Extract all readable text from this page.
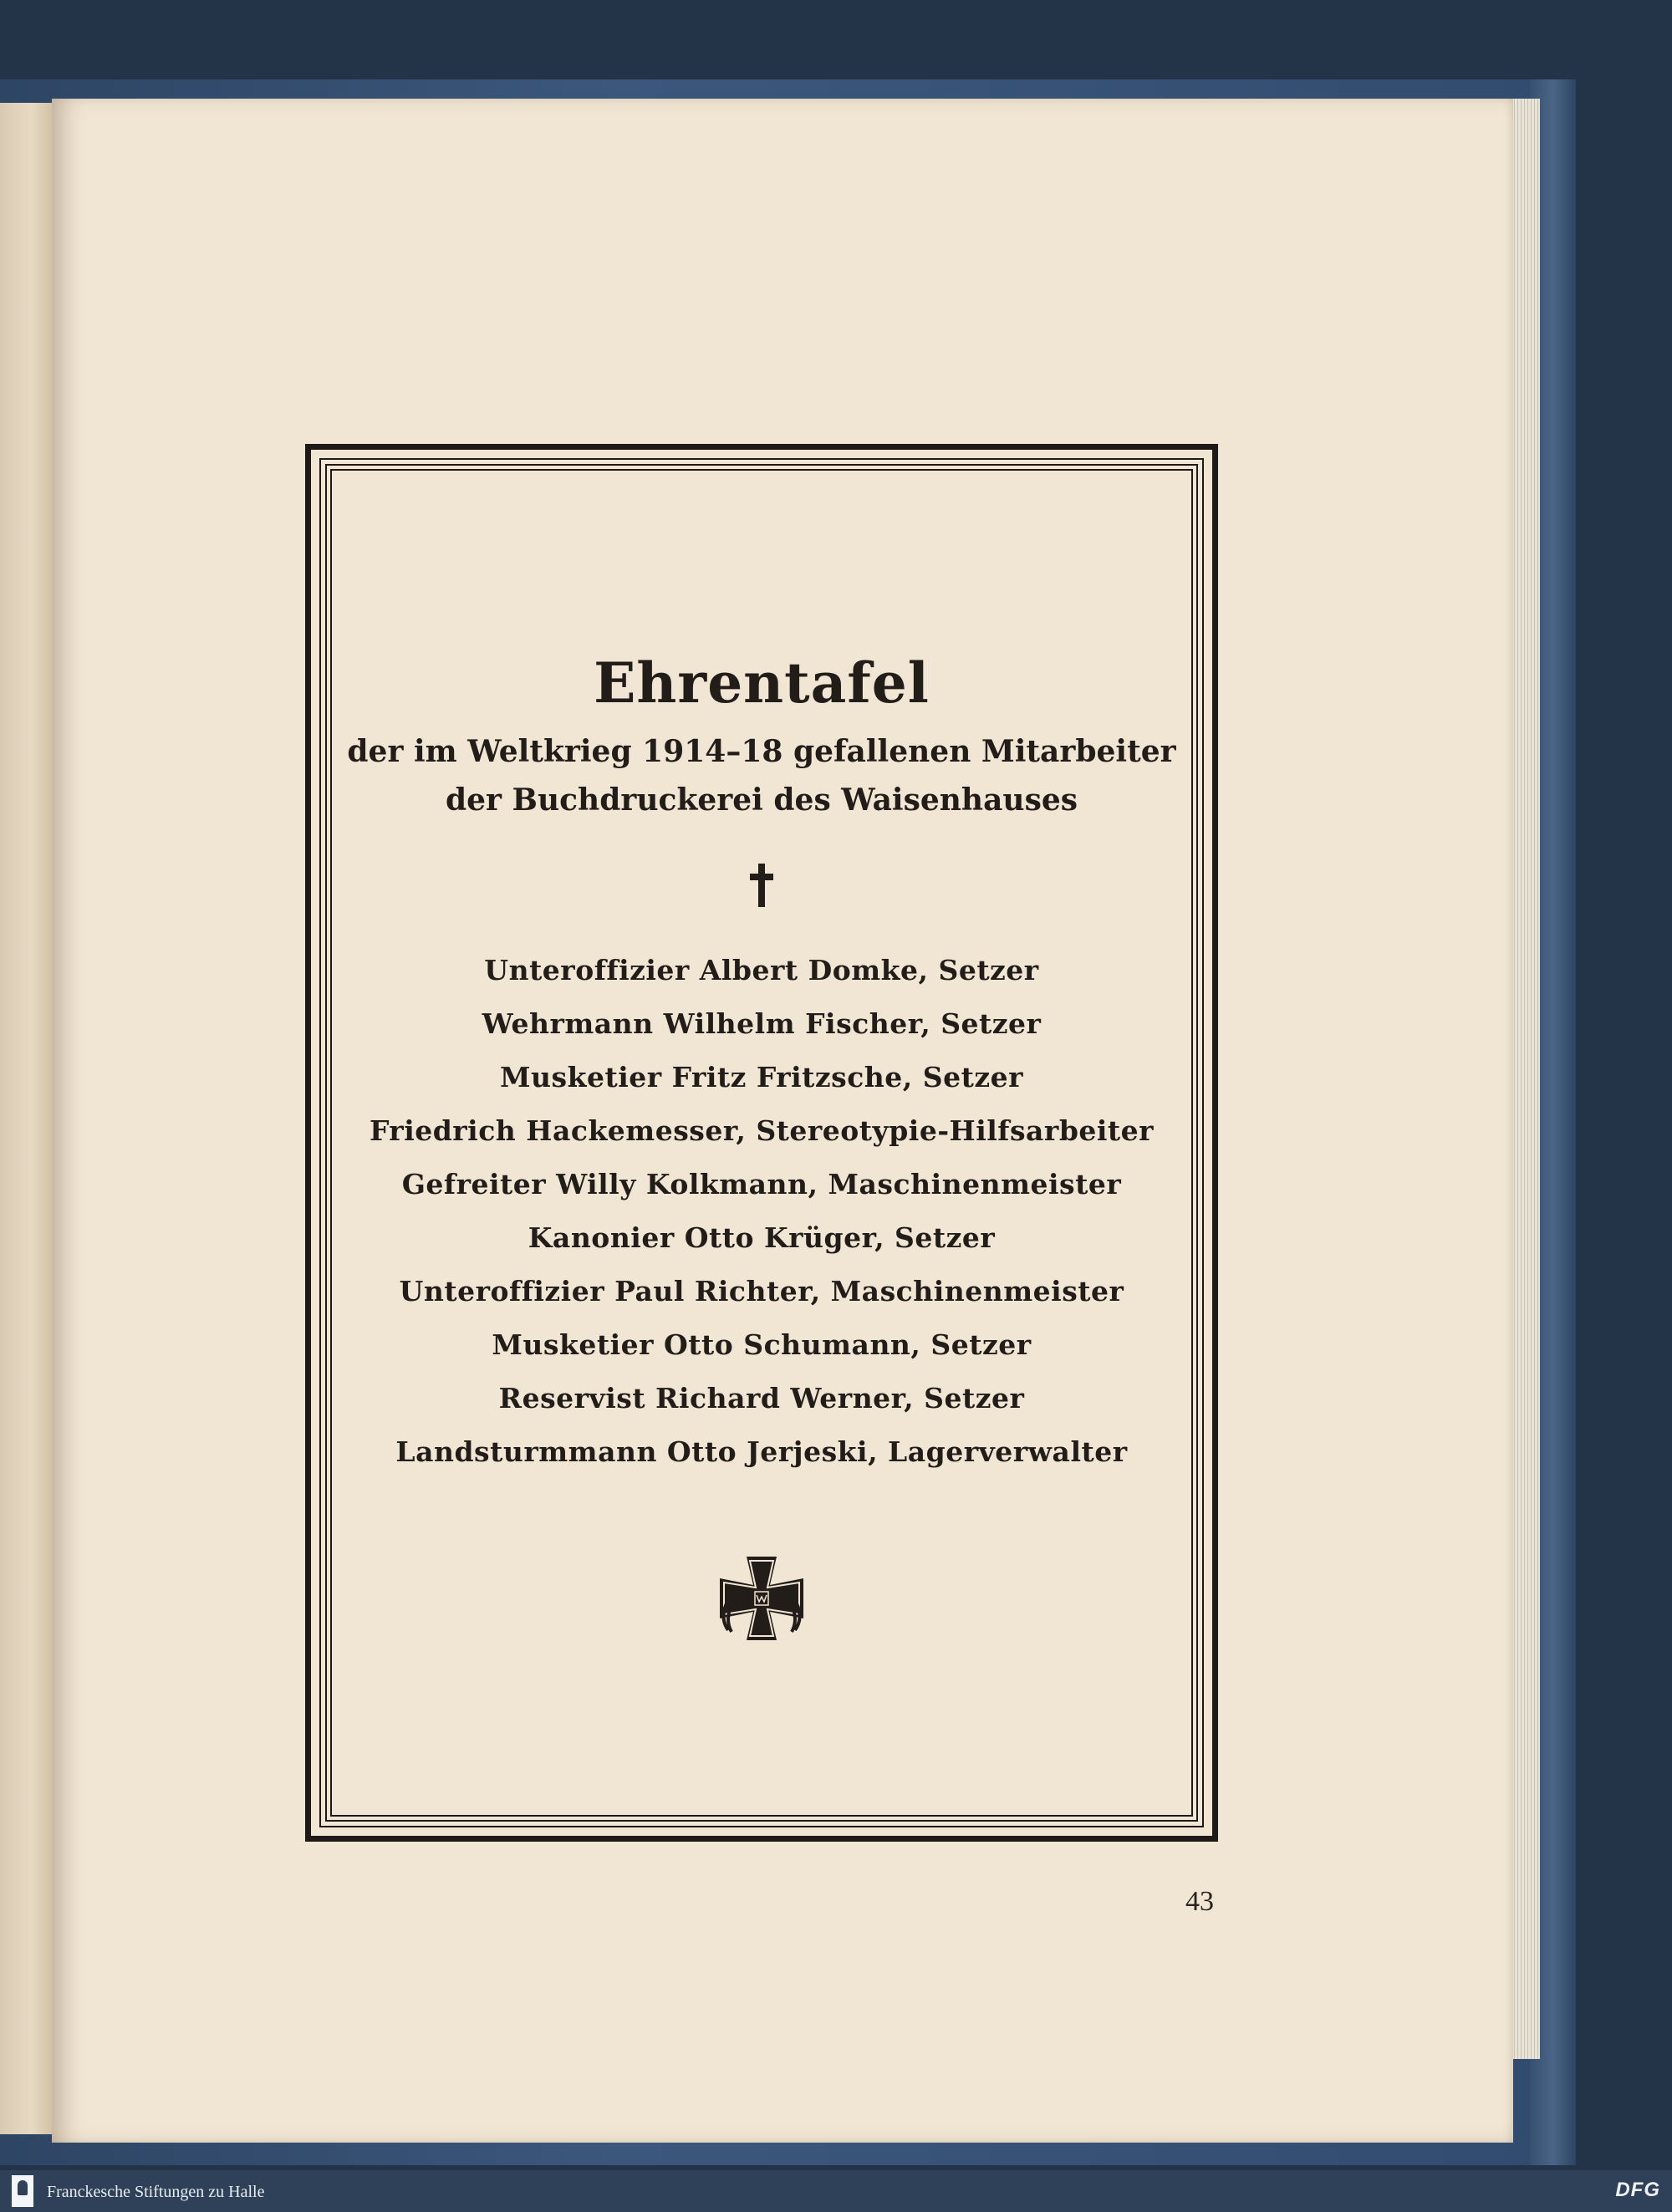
Ehrentafel
der im Weltkrieg 1914–18 gefallenen Mitarbeiter
der Buchdruckerei des Waisenhauses
Unteroffizier Albert Domke, Setzer
Wehrmann Wilhelm Fischer, Setzer
Musketier Fritz Fritzsche, Setzer
Friedrich Hackemesser, Stereotypie-Hilfsarbeiter
Gefreiter Willy Kolkmann, Maschinenmeister
Kanonier Otto Krüger, Setzer
Unteroffizier Paul Richter, Maschinenmeister
Musketier Otto Schumann, Setzer
Reservist Richard Werner, Setzer
Landsturmmann Otto Jerjeski, Lagerverwalter
43
Franckesche Stiftungen zu Halle	DFG
